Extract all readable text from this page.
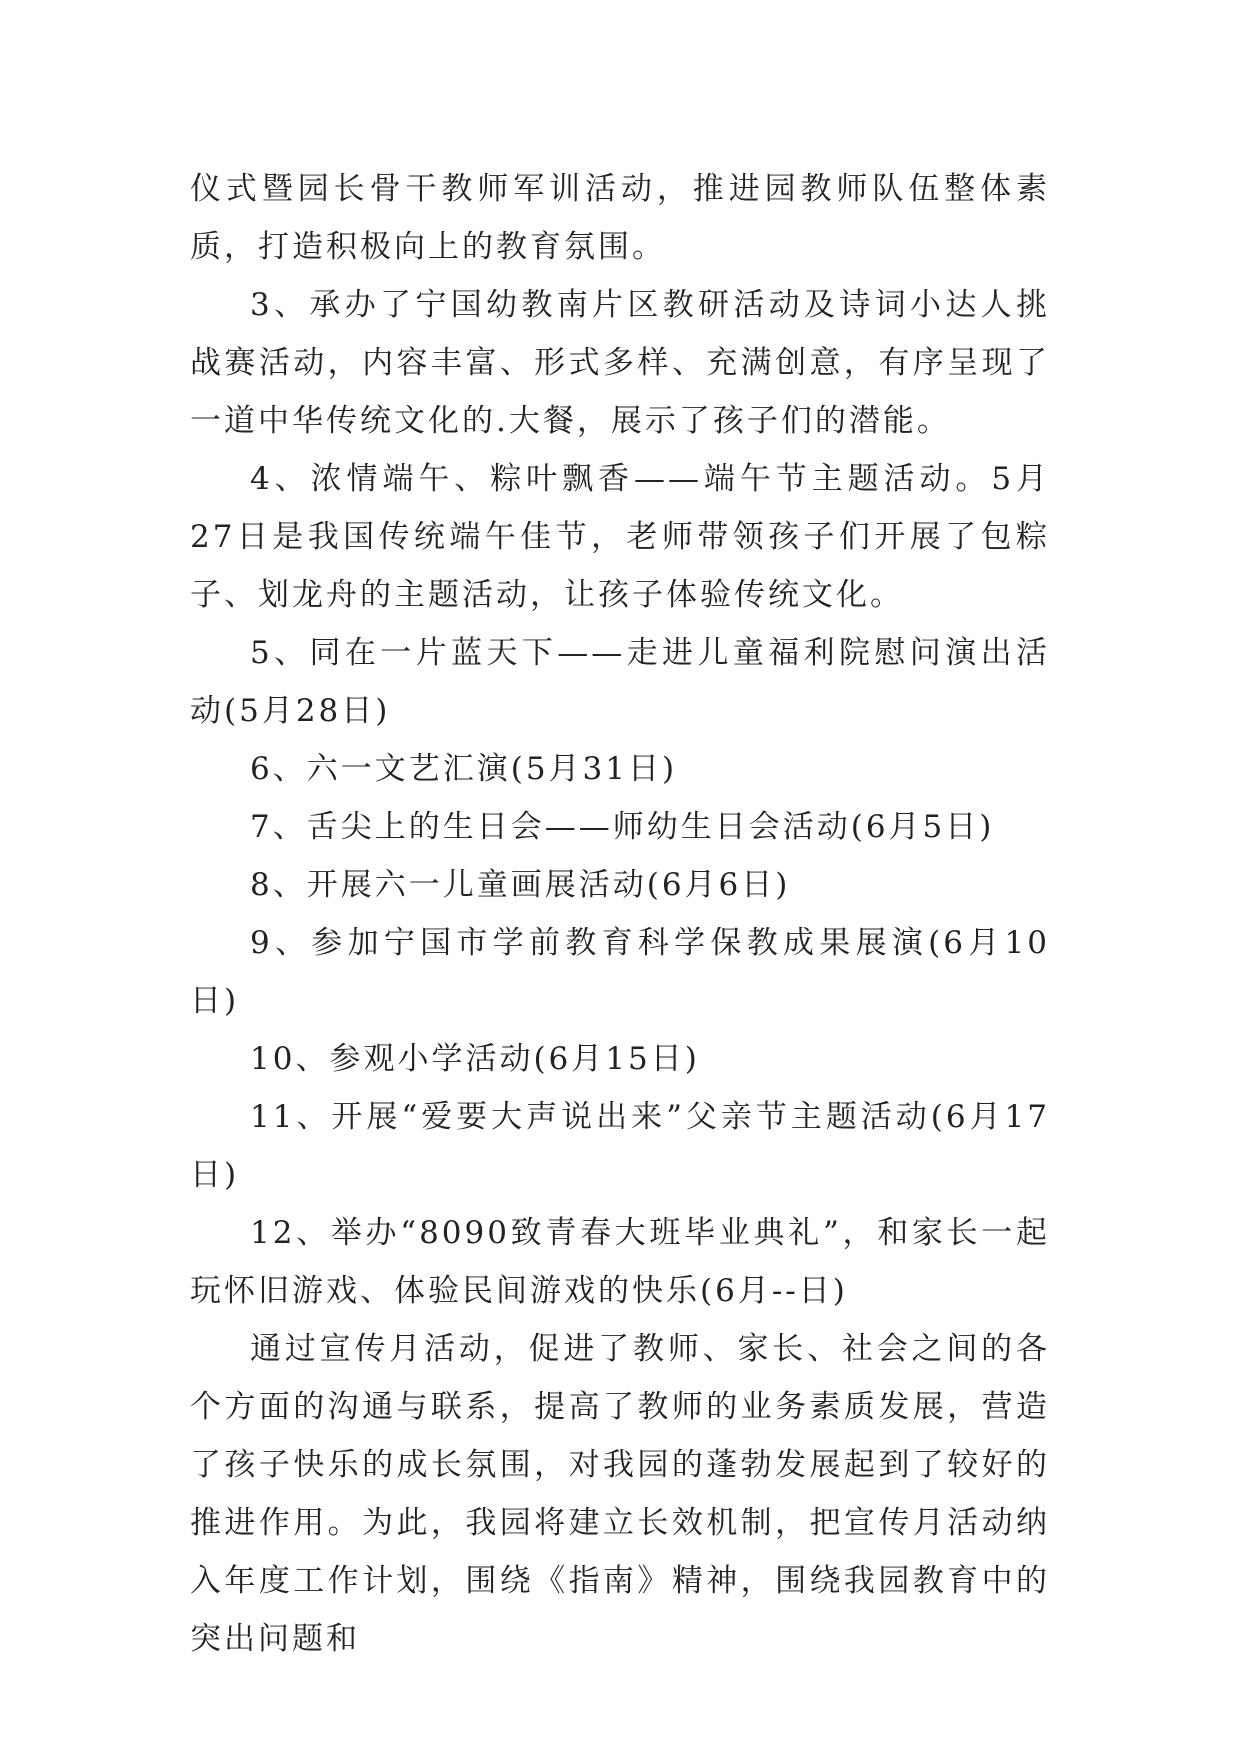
仪式暨园长骨干教师军训活动，推进园教师队伍整体素质，打造积极向上的教育氛围。

3、承办了宁国幼教南片区教研活动及诗词小达人挑战赛活动，内容丰富、形式多样、充满创意，有序呈现了一道中华传统文化的.大餐，展示了孩子们的潜能。

4、浓情端午、粽叶飘香——端午节主题活动。5月27日是我国传统端午佳节，老师带领孩子们开展了包粽子、划龙舟的主题活动，让孩子体验传统文化。

5、同在一片蓝天下——走进儿童福利院慰问演出活动(5月28日)

6、六一文艺汇演(5月31日)

7、舌尖上的生日会——师幼生日会活动(6月5日)

8、开展六一儿童画展活动(6月6日)

9、参加宁国市学前教育科学保教成果展演(6月10日)

10、参观小学活动(6月15日)

11、开展“爱要大声说出来”父亲节主题活动(6月17日)

12、举办“8090致青春大班毕业典礼”，和家长一起玩怀旧游戏、体验民间游戏的快乐(6月--日)

通过宣传月活动，促进了教师、家长、社会之间的各个方面的沟通与联系，提高了教师的业务素质发展，营造了孩子快乐的成长氛围，对我园的蓬勃发展起到了较好的推进作用。为此，我园将建立长效机制，把宣传月活动纳入年度工作计划，围绕《指南》精神，围绕我园教育中的突出问题和
